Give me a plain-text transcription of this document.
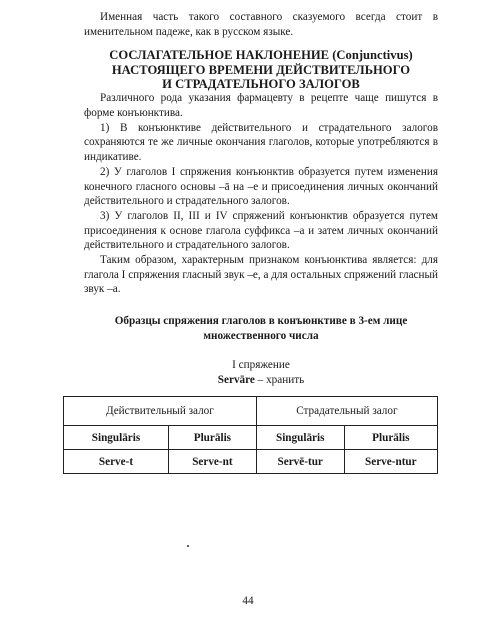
Именная часть такого составного сказуемого всегда стоит в именительном падеже, как в русском языке.

СОСЛАГАТЕЛЬНОЕ НАКЛОНЕНИЕ (Conjunctivus)
НАСТОЯЩЕГО ВРЕМЕНИ ДЕЙСТВИТЕЛЬНОГО
И СТРАДАТЕЛЬНОГО ЗАЛОГОВ

Различного рода указания фармацевту в рецепте чаще пишутся в форме конъюнктива.

1) В конъюнктиве действительного и страдательного залогов сохраняются те же личные окончания глаголов, которые употребляются в индикативе.

2) У глаголов I спряжения конъюнктив образуется путем изменения конечного гласного основы –ā на –е и присоединения личных окончаний действительного и страдательного залогов.

3) У глаголов II, III и IV спряжений конъюнктив образуется путем присоединения к основе глагола суффикса –а и затем личных окончаний действительного и страдательного залогов.

Таким образом, характерным признаком конъюнктива является: для глагола I спряжения гласный звук –е, а для остальных спряжений гласный звук –а.

Образцы спряжения глаголов в конъюнктиве в 3-ем лице множественного числа
I спряжение
Servāre – хранить
Действительный залог		Страдательный залог	
Singulāris	Plurālis	Singulāris	Plurālis
Serve-t	Serve-nt	Servē-tur	Serve-ntur
44
